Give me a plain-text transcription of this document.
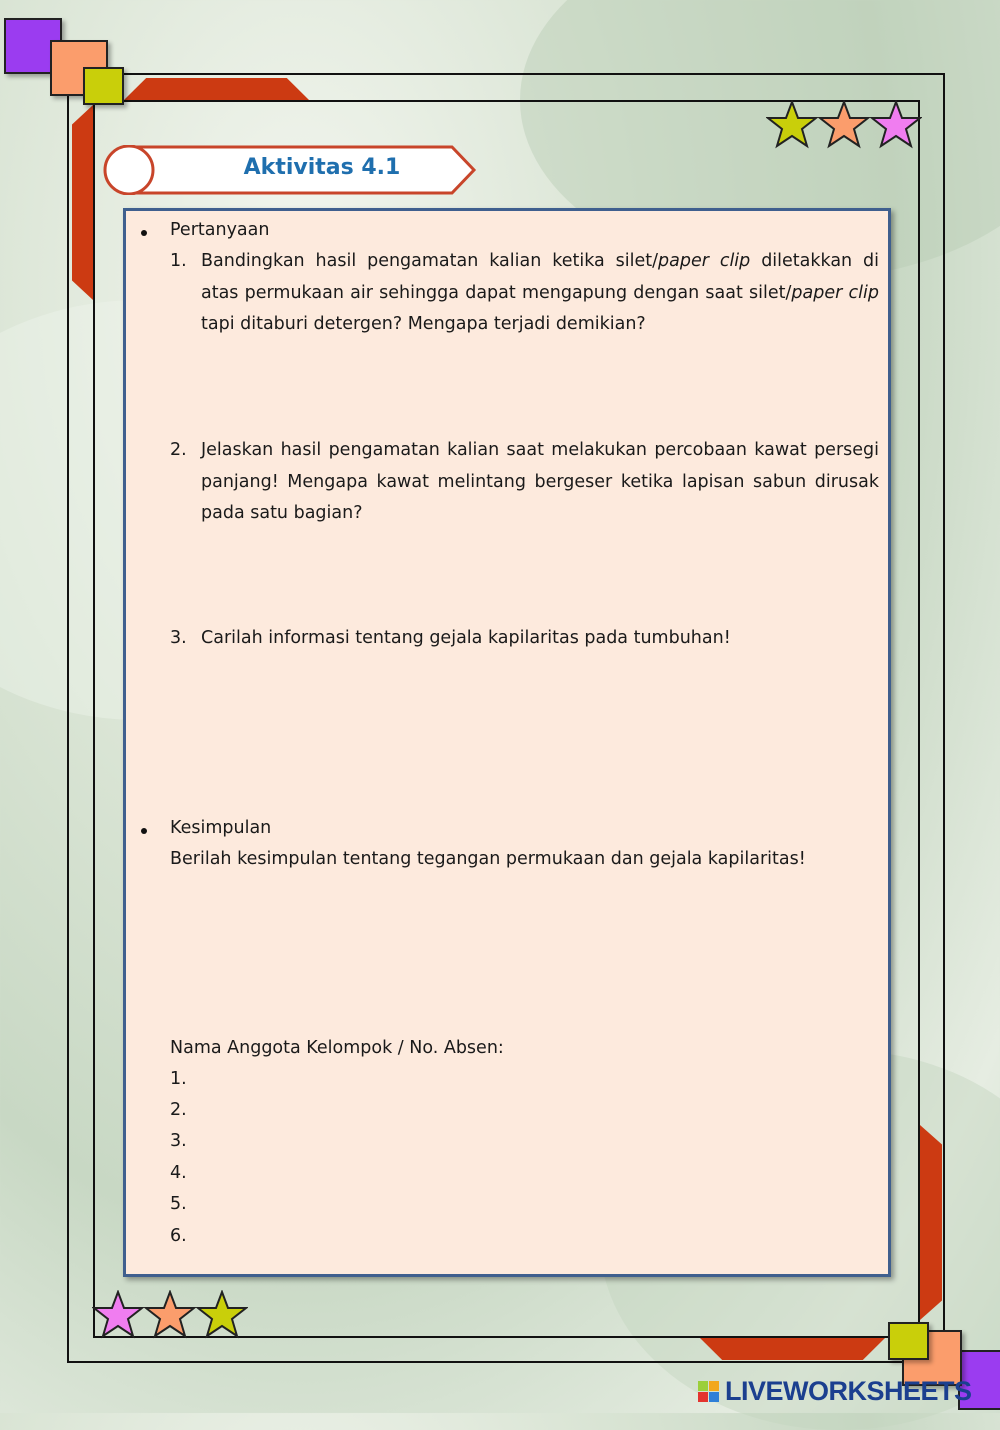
Aktivitas 4.1
Pertanyaan
1. Bandingkan hasil pengamatan kalian ketika silet/paper clip diletakkan di atas permukaan air sehingga dapat mengapung dengan saat silet/paper clip tapi ditaburi detergen? Mengapa terjadi demikian?
2. Jelaskan hasil pengamatan kalian saat melakukan percobaan kawat persegi panjang! Mengapa kawat melintang bergeser ketika lapisan sabun dirusak pada satu bagian?
3. Carilah informasi tentang gejala kapilaritas pada tumbuhan!
Kesimpulan
Berilah kesimpulan tentang tegangan permukaan dan gejala kapilaritas!
Nama Anggota Kelompok / No. Absen:
1.
2.
3.
4.
5.
6.
LIVEWORKSHEETS
